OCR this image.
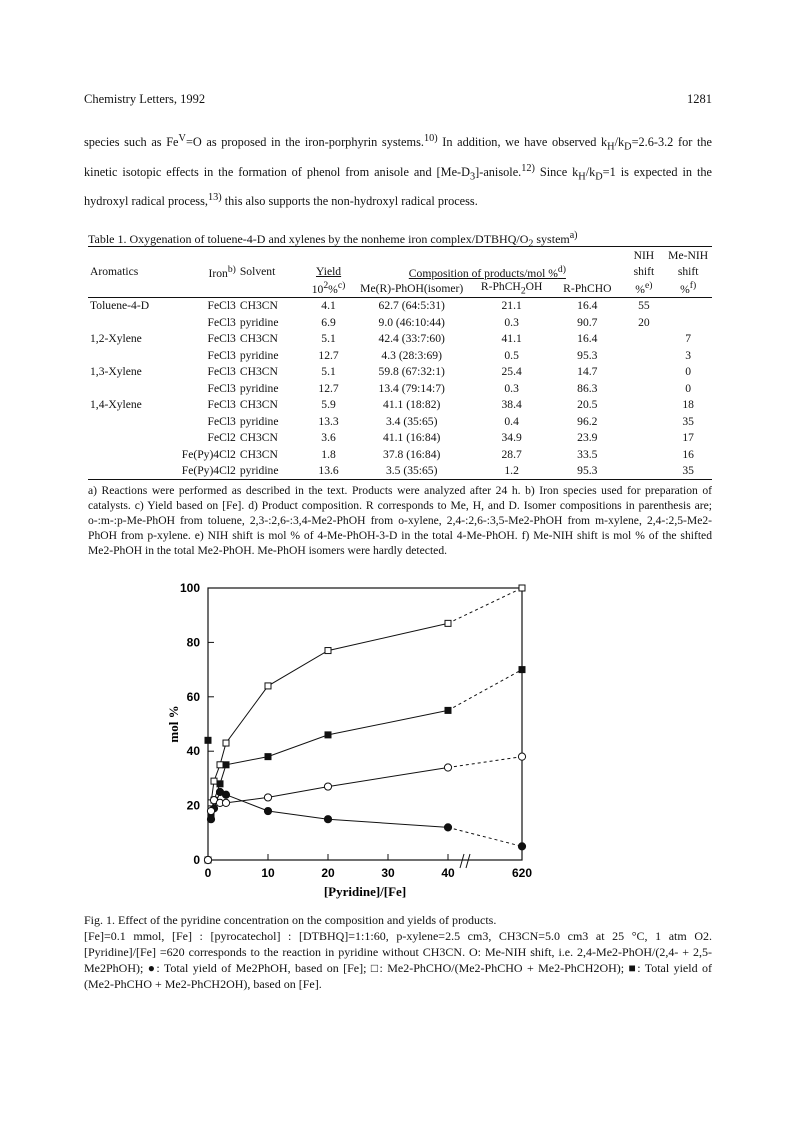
Chemistry Letters, 1992	1281
species such as $Fe^V=O$ as proposed in the iron-porphyrin systems.$^{10)}$ In addition, we have observed $k_H/k_D=2.6-3.2$ for the kinetic isotopic effects in the formation of phenol from anisole and $[Me-D_3]-anisole.^{12)}$ Since $k_H/k_D=1$ is expected in the hydroxyl radical process,$^{13)}$ this also supports the non-hydroxyl radical process.
Table 1. Oxygenation of toluene-4-D and xylenes by the nonheme iron complex/$DTBHQ/O_2$ system$^{a)}$

							NIH	Me-NIH
Aromatics	Iron$^{b)}$	Solvent	Yield	Composition of products/mol %$^{d)}$			shift	shift
			$10^2\%^{c)}$	Me(R)-PhOH(isomer)	R-PhCH$_2$OH	R-PhCHO	%$^{e)}$	%$^{f)}$
Toluene-4-D	FeCl3	CH3CN	4.1	62.7 (64:5:31)	21.1	16.4	55	
	FeCl3	pyridine	6.9	9.0 (46:10:44)	0.3	90.7	20	
1,2-Xylene	FeCl3	CH3CN	5.1	42.4 (33:7:60)	41.1	16.4		7
	FeCl3	pyridine	12.7	4.3 (28:3:69)	0.5	95.3		3
1,3-Xylene	FeCl3	CH3CN	5.1	59.8 (67:32:1)	25.4	14.7		0
	FeCl3	pyridine	12.7	13.4 (79:14:7)	0.3	86.3		0
1,4-Xylene	FeCl3	CH3CN	5.9	41.1 (18:82)	38.4	20.5		18
	FeCl3	pyridine	13.3	3.4 (35:65)	0.4	96.2		35
	FeCl2	CH3CN	3.6	41.1 (16:84)	34.9	23.9		17
	Fe(Py)4Cl2	CH3CN	1.8	37.8 (16:84)	28.7	33.5		16
	Fe(Py)4Cl2	pyridine	13.6	3.5 (35:65)	1.2	95.3		35
a) Reactions were performed as described in the text. Products were analyzed after 24 h. b) Iron species used for preparation of catalysts. c) Yield based on [Fe]. d) Product composition. R corresponds to Me, H, and D. Isomer compositions in parenthesis are; o-:m-:p-Me-PhOH from toluene, 2,3-:2,6-:3,4-Me2-PhOH from o-xylene, 2,4-:2,6-:3,5-Me2-PhOH from m-xylene, 2,4-:2,5-Me2-PhOH from p-xylene. e) NIH shift is mol % of 4-Me-PhOH-3-D in the total 4-Me-PhOH. f) Me-NIH shift is mol % of the shifted Me2-PhOH in the total Me2-PhOH. Me-PhOH isomers were hardly detected.
0
20
40
60
80
100
0	10	20	30	40	620
[Pyridine]/[Fe]
mol %
Fig. 1. Effect of the pyridine concentration on the composition and yields of products.
[Fe]=0.1 mmol, [Fe] : [pyrocatechol] : [DTBHQ]=1:1:60, p-xylene=2.5 cm3, CH3CN=5.0 cm3 at 25 °C, 1 atm O2. [Pyridine]/[Fe] =620 corresponds to the reaction in pyridine without CH3CN. O: Me-NIH shift, i.e. 2,4-Me2-PhOH/(2,4- + 2,5-Me2PhOH); ●: Total yield of Me2PhOH, based on [Fe]; □: Me2-PhCHO/(Me2-PhCHO + Me2-PhCH2OH); ■: Total yield of (Me2-PhCHO + Me2-PhCH2OH), based on [Fe].
